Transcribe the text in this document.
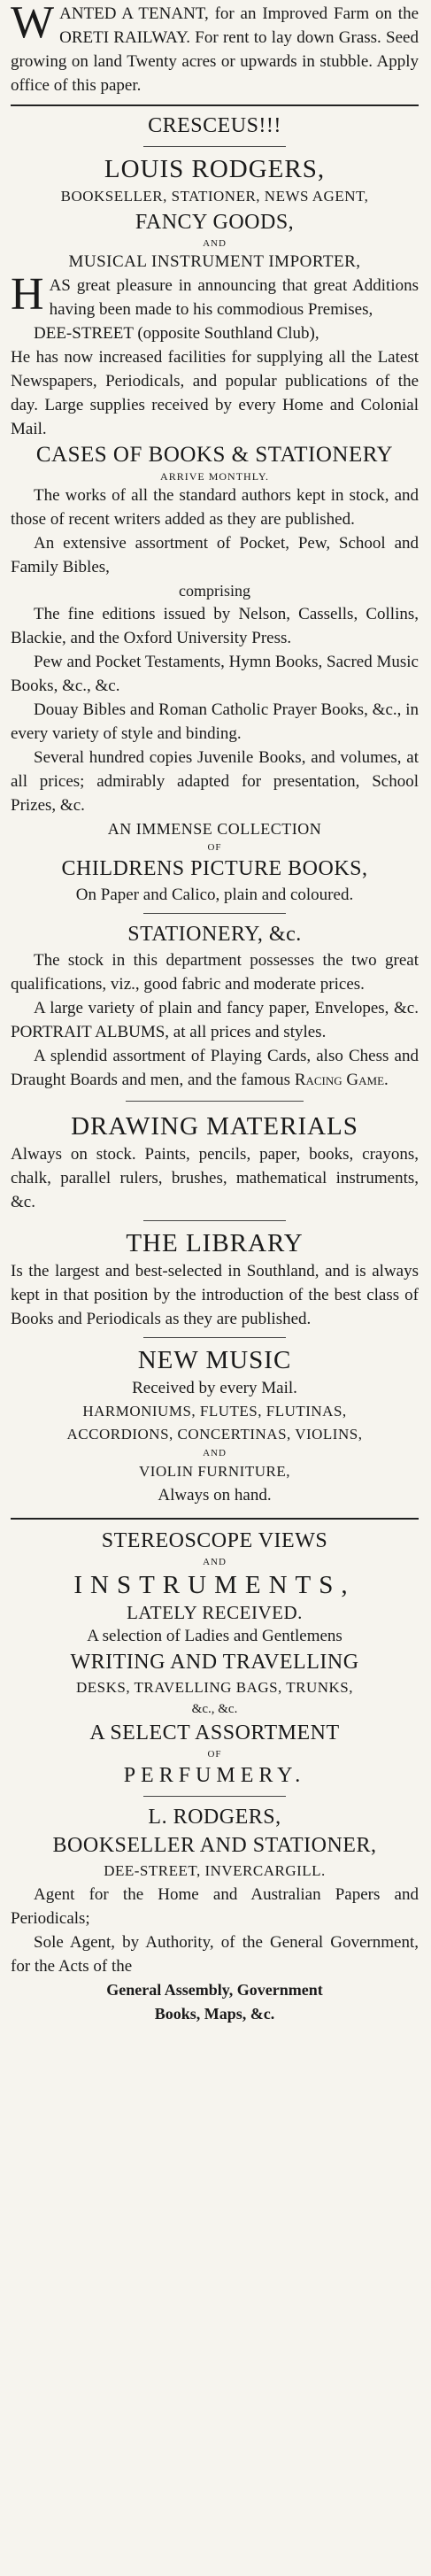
WANTED A TENANT, for an Improved Farm on the ORETI RAILWAY. For rent to lay down Grass. Seed growing on land Twenty acres or upwards in stubble. Apply office of this paper.

CRESCEUS!!!

LOUIS RODGERS,

BOOKSELLER, STATIONER, NEWS AGENT,

FANCY GOODS,

AND

MUSICAL INSTRUMENT IMPORTER,

HAS great pleasure in announcing that great Additions having been made to his commodious Premises,

DEE-STREET (opposite Southland Club),

He has now increased facilities for supplying all the Latest Newspapers, Periodicals, and popular publications of the day. Large supplies received by every Home and Colonial Mail.

CASES OF BOOKS & STATIONERY

ARRIVE MONTHLY.

The works of all the standard authors kept in stock, and those of recent writers added as they are published.

An extensive assortment of Pocket, Pew, School and Family Bibles,

comprising

The fine editions issued by Nelson, Cassells, Collins, Blackie, and the Oxford University Press.

Pew and Pocket Testaments, Hymn Books, Sacred Music Books, &c., &c.

Douay Bibles and Roman Catholic Prayer Books, &c., in every variety of style and binding.

Several hundred copies Juvenile Books, and volumes, at all prices; admirably adapted for presentation, School Prizes, &c.

AN IMMENSE COLLECTION

OF

CHILDRENS PICTURE BOOKS,

On Paper and Calico, plain and coloured.

STATIONERY, &c.

The stock in this department possesses the two great qualifications, viz., good fabric and moderate prices.

A large variety of plain and fancy paper, Envelopes, &c. PORTRAIT ALBUMS, at all prices and styles.

A splendid assortment of Playing Cards, also Chess and Draught Boards and men, and the famous Racing Game.

DRAWING MATERIALS

Always on stock. Paints, pencils, paper, books, crayons, chalk, parallel rulers, brushes, mathematical instruments, &c.

THE LIBRARY

Is the largest and best-selected in Southland, and is always kept in that position by the introduction of the best class of Books and Periodicals as they are published.

NEW MUSIC

Received by every Mail.

HARMONIUMS, FLUTES, FLUTINAS,

ACCORDIONS, CONCERTINAS, VIOLINS,

AND

VIOLIN FURNITURE,

Always on hand.

STEREOSCOPE VIEWS

AND

INSTRUMENTS,

LATELY RECEIVED.

A selection of Ladies and Gentlemens

WRITING AND TRAVELLING

DESKS, TRAVELLING BAGS, TRUNKS,

&c., &c.

A SELECT ASSORTMENT

OF

PERFUMERY.

L. RODGERS,

BOOKSELLER AND STATIONER,

DEE-STREET, INVERCARGILL.

Agent for the Home and Australian Papers and Periodicals;

Sole Agent, by Authority, of the General Government, for the Acts of the

General Assembly, Government

Books, Maps, &c.
